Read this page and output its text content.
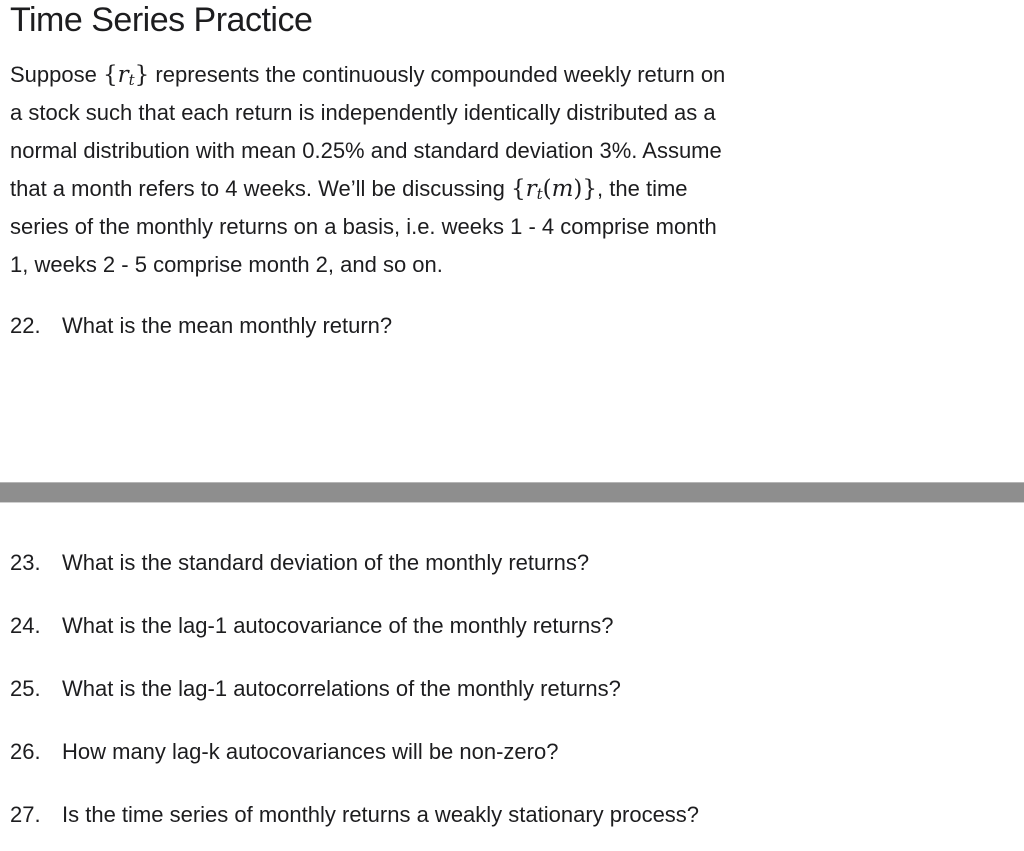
Time Series Practice

Suppose $\{r_t\}$ represents the continuously compounded weekly return on

a stock such that each return is independently identically distributed as a

normal distribution with mean 0.25% and standard deviation 3%. Assume

that a month refers to 4 weeks. We’ll be discussing $\{r_t(m)\}$, the time

series of the monthly returns on a basis, i.e. weeks 1 - 4 comprise month

1, weeks 2 - 5 comprise month 2, and so on.

22. What is the mean monthly return?
23. What is the standard deviation of the monthly returns?
24. What is the lag-1 autocovariance of the monthly returns?
25. What is the lag-1 autocorrelations of the monthly returns?
26. How many lag-k autocovariances will be non-zero?
27. Is the time series of monthly returns a weakly stationary process?
